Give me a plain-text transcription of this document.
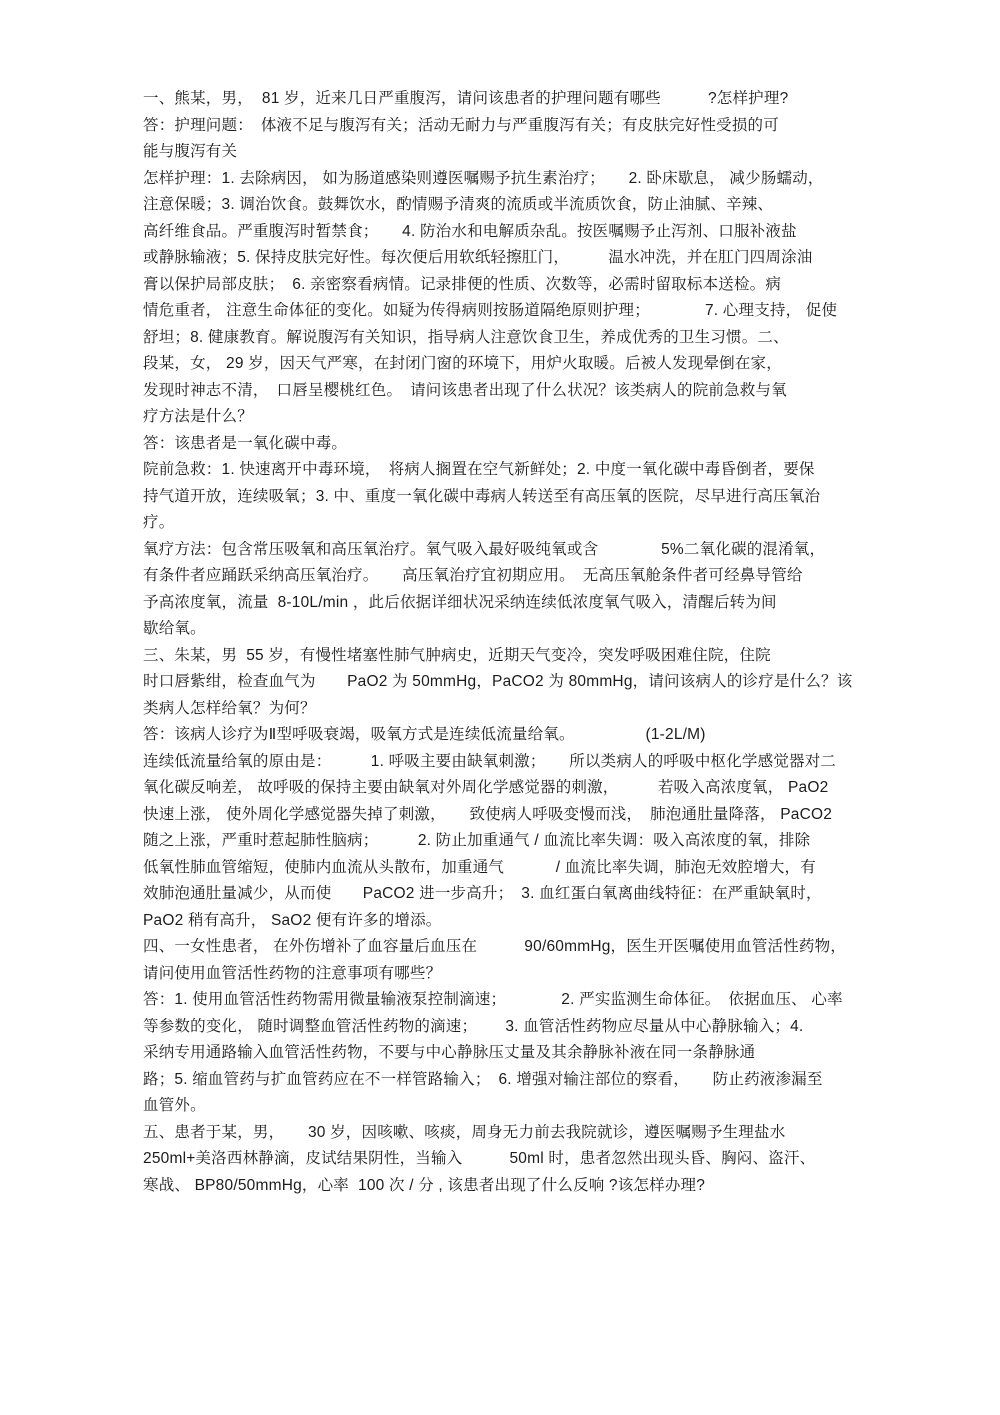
一、熊某，男，  81 岁，近来几日严重腹泻，请问该患者的护理问题有哪些　　　?怎样护理?
答：护理问题：　体液不足与腹泻有关；活动无耐力与严重腹泻有关；有皮肤完好性受损的可
能与腹泻有关
怎样护理：1. 去除病因， 如为肠道感染则遵医嘱赐予抗生素治疗；　　2. 卧床歇息， 减少肠蠕动，
注意保暖；3. 调治饮食。鼓舞饮水，酌情赐予清爽的流质或半流质饮食，防止油腻、辛辣、
高纤维食品。严重腹泻时暂禁食；　　4. 防治水和电解质杂乱。按医嘱赐予止泻剂、口服补液盐
或静脉输液；5. 保持皮肤完好性。每次便后用软纸轻擦肛门，　　　温水冲洗，并在肛门四周涂油
膏以保护局部皮肤；　6. 亲密察看病情。记录排便的性质、次数等，必需时留取标本送检。病
情危重者， 注意生命体征的变化。如疑为传得病则按肠道隔绝原则护理；　　　　7. 心理支持， 促使
舒坦；8. 健康教育。解说腹泻有关知识，指导病人注意饮食卫生，养成优秀的卫生习惯。二、
段某，女， 29 岁，因天气严寒，在封闭门窗的环境下，用炉火取暖。后被人发现晕倒在家，
发现时神志不清，　口唇呈樱桃红色。　请问该患者出现了什么状况？该类病人的院前急救与氧
疗方法是什么？
答：该患者是一氧化碳中毒。
院前急救：1. 快速离开中毒环境，　将病人搁置在空气新鲜处；2. 中度一氧化碳中毒昏倒者，要保
持气道开放，连续吸氧；3. 中、重度一氧化碳中毒病人转送至有高压氧的医院，尽早进行高压氧治
疗。
氧疗方法：包含常压吸氧和高压氧治疗。氧气吸入最好吸纯氧或含　　　　5%二氧化碳的混淆氧，
有条件者应踊跃采纳高压氧治疗。　　高压氧治疗宜初期应用。　无高压氧舱条件者可经鼻导管给
予高浓度氧，流量  8-10L/min ，此后依据详细状况采纳连续低浓度氧气吸入，清醒后转为间
歇给氧。
三、朱某，男  55 岁，有慢性堵塞性肺气肿病史，近期天气变冷，突发呼吸困难住院，住院
时口唇紫绀，检查血气为　　PaO2 为 50mmHg，PaCO2 为 80mmHg，请问该病人的诊疗是什么？该
类病人怎样给氧？为何？
答：该病人诊疗为Ⅱ型呼吸衰竭，吸氧方式是连续低流量给氧。　　　　　(1-2L/M)
连续低流量给氧的原由是：　　　1. 呼吸主要由缺氧刺激；　　所以类病人的呼吸中枢化学感觉器对二
氧化碳反响差， 故呼吸的保持主要由缺氧对外周化学感觉器的刺激，　　　若吸入高浓度氧， PaO2
快速上涨， 使外周化学感觉器失掉了刺激，　　致使病人呼吸变慢而浅，　肺泡通肚量降落， PaCO2
随之上涨，严重时惹起肺性脑病；　　　2. 防止加重通气 / 血流比率失调：吸入高浓度的氧，排除
低氧性肺血管缩短，使肺内血流从头散布，加重通气　　　 / 血流比率失调，肺泡无效腔增大，有
效肺泡通肚量减少，从而使　　PaCO2 进一步高升；　3. 血红蛋白氧离曲线特征：在严重缺氧时，
PaO2 稍有高升， SaO2 便有许多的增添。
四、一女性患者， 在外伤增补了血容量后血压在　　　90/60mmHg，医生开医嘱使用血管活性药物，
请问使用血管活性药物的注意事项有哪些？
答：1. 使用血管活性药物需用微量输液泵控制滴速；　　　　2. 严实监测生命体征。　依据血压、 心率
等参数的变化， 随时调整血管活性药物的滴速；　　 3. 血管活性药物应尽量从中心静脉输入；4.
采纳专用通路输入血管活性药物，不要与中心静脉压丈量及其余静脉补液在同一条静脉通
路；5. 缩血管药与扩血管药应在不一样管路输入；　6. 增强对输注部位的察看，　　防止药液渗漏至
血管外。
五、患者于某，男，　　30 岁，因咳嗽、咳痰，周身无力前去我院就诊，遵医嘱赐予生理盐水
250ml+美洛西林静滴，皮试结果阴性，当输入　　　50ml 时，患者忽然出现头昏、胸闷、盗汗、
寒战、 BP80/50mmHg，心率  100 次 / 分 , 该患者出现了什么反响 ?该怎样办理?
